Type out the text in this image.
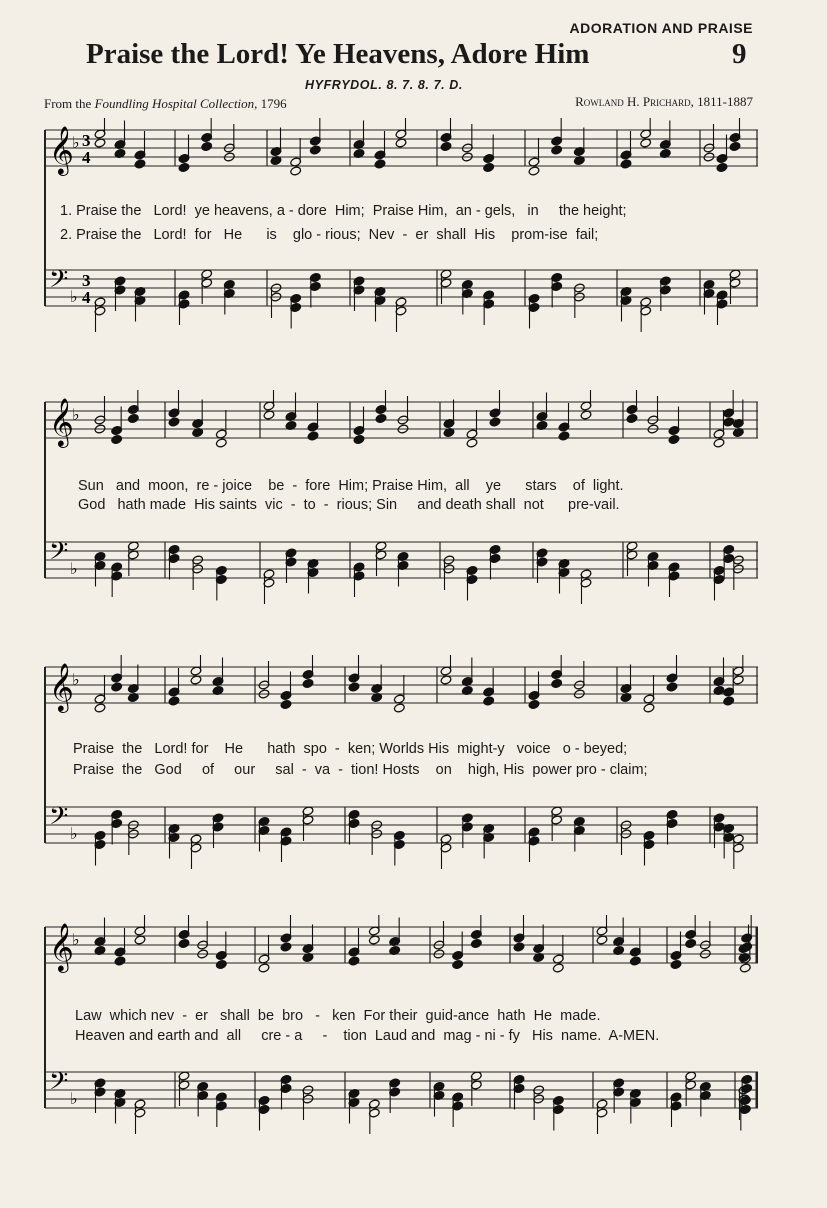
ADORATION AND PRAISE
Praise the Lord! Ye Heavens, Adore Him	9
HYFRYDOL. 8. 7. 8. 7. D.
From the Foundling Hospital Collection, 1796	Rowland H. Prichard, 1811-1887
𝄞
♭ 3
4
𝄢 ♭
3
4
1. Praise the   Lord!  ye heavens, a - dore  Him;  Praise Him,  an - gels,   in     the height;
2. Praise the   Lord!  for   He      is    glo - rious;  Nev  -  er  shall  His    prom-ise  fail;
𝄞
♭
𝄢 ♭
Sun   and  moon,  re - joice    be  -  fore  Him; Praise Him,  all    ye      stars    of  light.
God   hath made  His saints  vic  -  to  -  rious; Sin     and death shall  not      pre-vail.
𝄞
♭
𝄢 ♭
Praise  the   Lord! for    He      hath  spo  -  ken; Worlds His  might-y   voice   o - beyed;
Praise  the   God     of     our     sal  -  va  -  tion! Hosts    on    high, His  power pro - claim;
𝄞
♭
𝄢 ♭
Law  which nev  -  er   shall  be  bro   -   ken  For their  guid-ance  hath  He  made.
Heaven and earth and  all     cre - a     -    tion  Laud and  mag - ni - fy   His  name.  A-MEN.
